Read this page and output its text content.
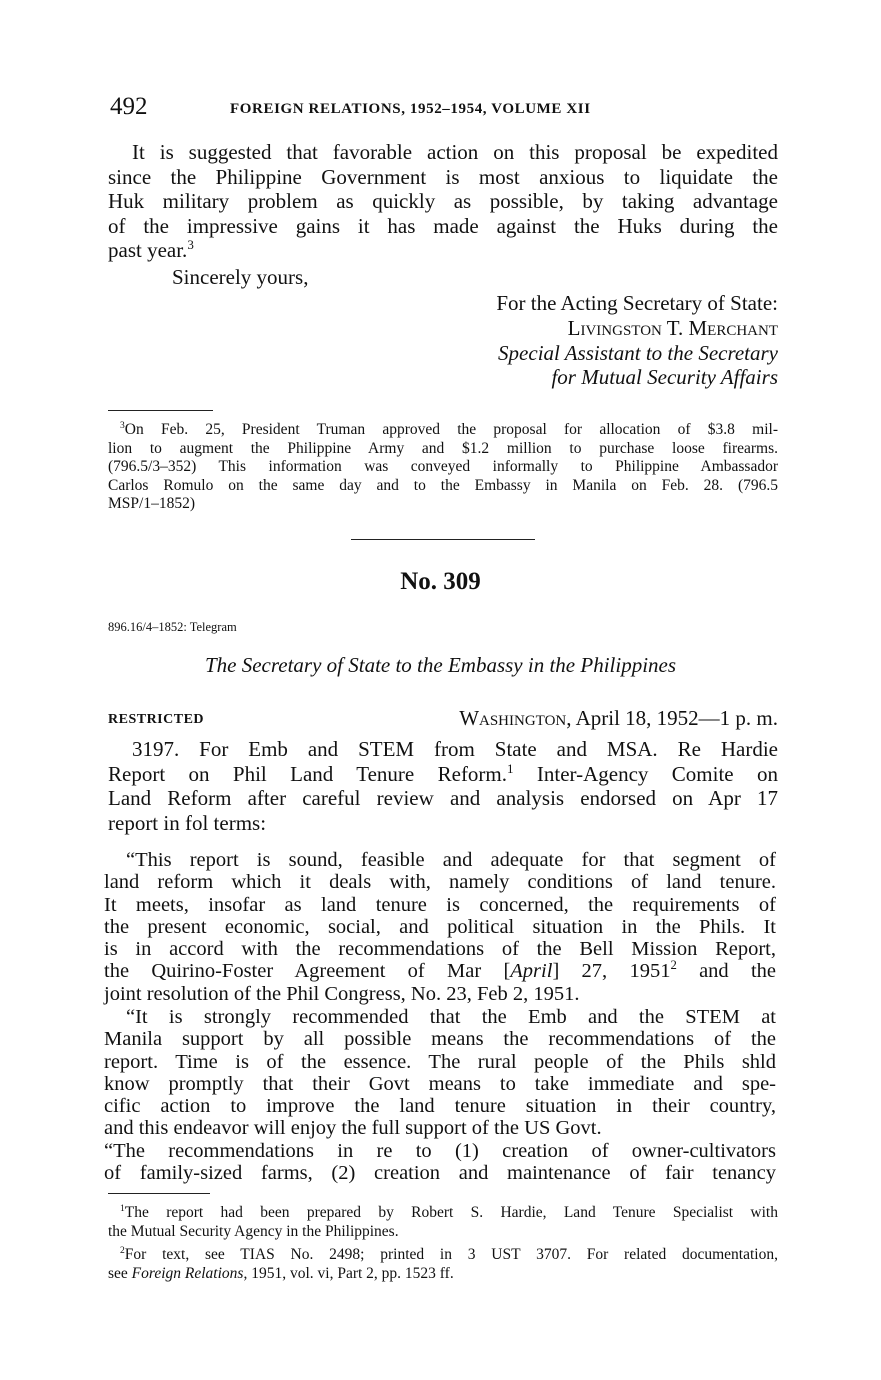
492	FOREIGN RELATIONS, 1952–1954, VOLUME XII

It is suggested that favorable action on this proposal be expedited
since the Philippine Government is most anxious to liquidate the
Huk military problem as quickly as possible, by taking advantage
of the impressive gains it has made against the Huks during the
past year.$^3$

Sincerely yours,
For the Acting Secretary of State:
Livingston T. Merchant
Special Assistant to the Secretary
for Mutual Security Affairs

$^3$On Feb. 25, President Truman approved the proposal for allocation of $3.8 mil-
lion to augment the Philippine Army and $1.2 million to purchase loose firearms.
(796.5/3–352) This information was conveyed informally to Philippine Ambassador
Carlos Romulo on the same day and to the Embassy in Manila on Feb. 28. (796.5
MSP/1–1852)

No. 309
896.16/4–1852: Telegram
The Secretary of State to the Embassy in the Philippines
RESTRICTED	Washington, April 18, 1952—1 p. m.

3197. For Emb and STEM from State and MSA. Re Hardie
Report on Phil Land Tenure Reform.$^1$ Inter-Agency Comite on
Land Reform after careful review and analysis endorsed on Apr 17
report in fol terms:

“This report is sound, feasible and adequate for that segment of
land reform which it deals with, namely conditions of land tenure.
It meets, insofar as land tenure is concerned, the requirements of
the present economic, social, and political situation in the Phils. It
is in accord with the recommendations of the Bell Mission Report,
the Quirino-Foster Agreement of Mar [April] 27, 1951$^2$ and the
joint resolution of the Phil Congress, No. 23, Feb 2, 1951.

“It is strongly recommended that the Emb and the STEM at
Manila support by all possible means the recommendations of the
report. Time is of the essence. The rural people of the Phils shld
know promptly that their Govt means to take immediate and spe-
cific action to improve the land tenure situation in their country,
and this endeavor will enjoy the full support of the US Govt.

“The recommendations in re to (1) creation of owner-cultivators
of family-sized farms, (2) creation and maintenance of fair tenancy

$^1$The report had been prepared by Robert S. Hardie, Land Tenure Specialist with
the Mutual Security Agency in the Philippines.

$^2$For text, see TIAS No. 2498; printed in 3 UST 3707. For related documentation,
see Foreign Relations, 1951, vol. vi, Part 2, pp. 1523 ff.
